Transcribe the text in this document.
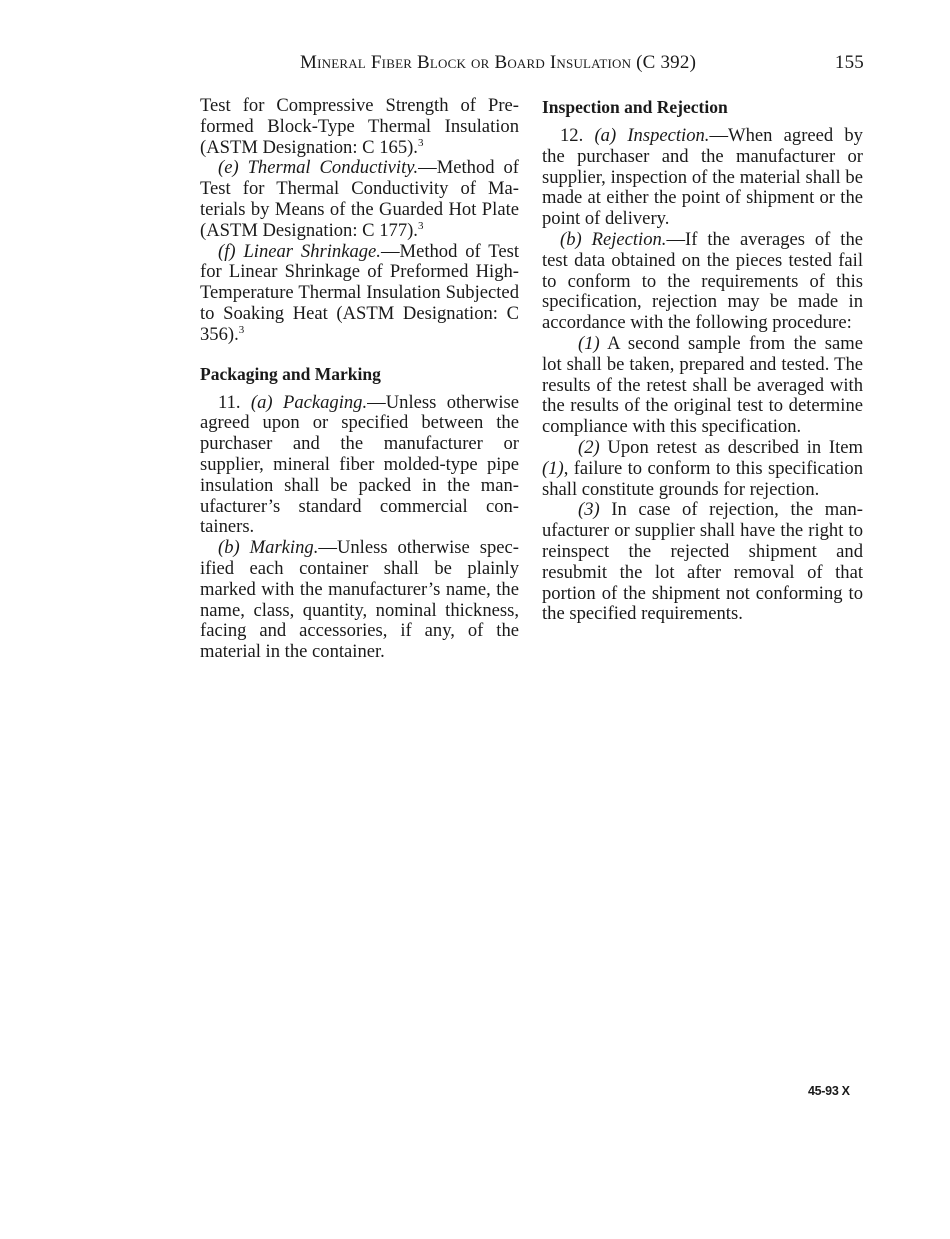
Mineral Fiber Block or Board Insulation (C 392)	155

Test for Compressive Strength of Preformed Block-Type Thermal Insulation (ASTM Designation: C 165).$^3$

(e) Thermal Conductivity.—Method of Test for Thermal Conductivity of Materials by Means of the Guarded Hot Plate (ASTM Designation: C 177).$^3$

(f) Linear Shrinkage.—Method of Test for Linear Shrinkage of Preformed High-Temperature Thermal Insulation Subjected to Soaking Heat (ASTM Designation: C 356).$^3$

Packaging and Marking

11. (a) Packaging.—Unless otherwise agreed upon or specified between the purchaser and the manufacturer or supplier, mineral fiber molded-type pipe insulation shall be packed in the manufacturer’s standard commercial containers.

(b) Marking.—Unless otherwise specified each container shall be plainly marked with the manufacturer’s name, the name, class, quantity, nominal thickness, facing and accessories, if any, of the material in the container.

Inspection and Rejection

12. (a) Inspection.—When agreed by the purchaser and the manufacturer or supplier, inspection of the material shall be made at either the point of shipment or the point of delivery.

(b) Rejection.—If the averages of the test data obtained on the pieces tested fail to conform to the requirements of this specification, rejection may be made in accordance with the following procedure:

(1) A second sample from the same lot shall be taken, prepared and tested. The results of the retest shall be averaged with the results of the original test to determine compliance with this specification.

(2) Upon retest as described in Item (1), failure to conform to this specification shall constitute grounds for rejection.

(3) In case of rejection, the manufacturer or supplier shall have the right to reinspect the rejected shipment and resubmit the lot after removal of that portion of the shipment not conforming to the specified requirements.

45-93 X
